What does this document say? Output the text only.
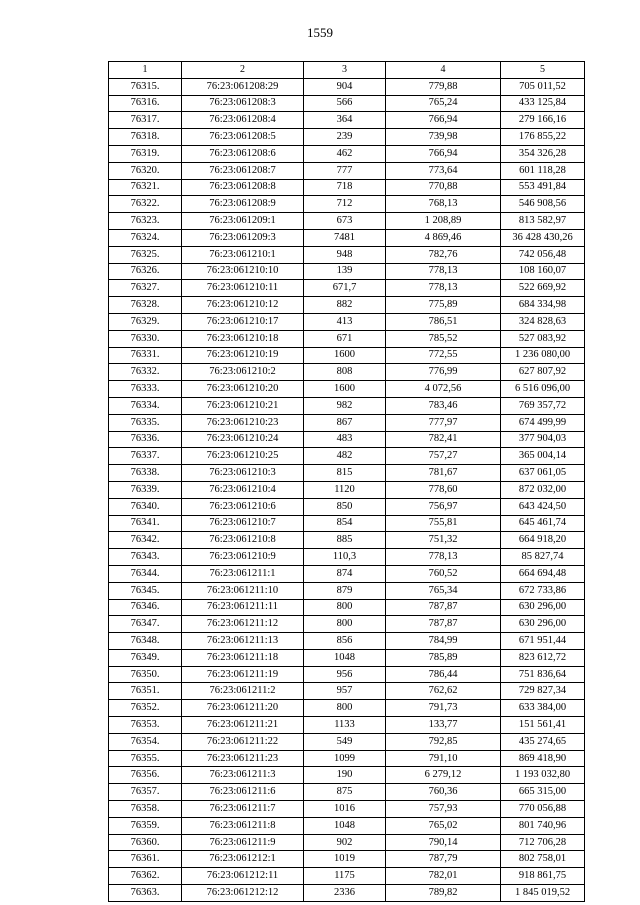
1559
1	2	3	4	5
76315.	76:23:061208:29	904	779,88	705 011,52
76316.	76:23:061208:3	566	765,24	433 125,84
76317.	76:23:061208:4	364	766,94	279 166,16
76318.	76:23:061208:5	239	739,98	176 855,22
76319.	76:23:061208:6	462	766,94	354 326,28
76320.	76:23:061208:7	777	773,64	601 118,28
76321.	76:23:061208:8	718	770,88	553 491,84
76322.	76:23:061208:9	712	768,13	546 908,56
76323.	76:23:061209:1	673	1 208,89	813 582,97
76324.	76:23:061209:3	7481	4 869,46	36 428 430,26
76325.	76:23:061210:1	948	782,76	742 056,48
76326.	76:23:061210:10	139	778,13	108 160,07
76327.	76:23:061210:11	671,7	778,13	522 669,92
76328.	76:23:061210:12	882	775,89	684 334,98
76329.	76:23:061210:17	413	786,51	324 828,63
76330.	76:23:061210:18	671	785,52	527 083,92
76331.	76:23:061210:19	1600	772,55	1 236 080,00
76332.	76:23:061210:2	808	776,99	627 807,92
76333.	76:23:061210:20	1600	4 072,56	6 516 096,00
76334.	76:23:061210:21	982	783,46	769 357,72
76335.	76:23:061210:23	867	777,97	674 499,99
76336.	76:23:061210:24	483	782,41	377 904,03
76337.	76:23:061210:25	482	757,27	365 004,14
76338.	76:23:061210:3	815	781,67	637 061,05
76339.	76:23:061210:4	1120	778,60	872 032,00
76340.	76:23:061210:6	850	756,97	643 424,50
76341.	76:23:061210:7	854	755,81	645 461,74
76342.	76:23:061210:8	885	751,32	664 918,20
76343.	76:23:061210:9	110,3	778,13	85 827,74
76344.	76:23:061211:1	874	760,52	664 694,48
76345.	76:23:061211:10	879	765,34	672 733,86
76346.	76:23:061211:11	800	787,87	630 296,00
76347.	76:23:061211:12	800	787,87	630 296,00
76348.	76:23:061211:13	856	784,99	671 951,44
76349.	76:23:061211:18	1048	785,89	823 612,72
76350.	76:23:061211:19	956	786,44	751 836,64
76351.	76:23:061211:2	957	762,62	729 827,34
76352.	76:23:061211:20	800	791,73	633 384,00
76353.	76:23:061211:21	1133	133,77	151 561,41
76354.	76:23:061211:22	549	792,85	435 274,65
76355.	76:23:061211:23	1099	791,10	869 418,90
76356.	76:23:061211:3	190	6 279,12	1 193 032,80
76357.	76:23:061211:6	875	760,36	665 315,00
76358.	76:23:061211:7	1016	757,93	770 056,88
76359.	76:23:061211:8	1048	765,02	801 740,96
76360.	76:23:061211:9	902	790,14	712 706,28
76361.	76:23:061212:1	1019	787,79	802 758,01
76362.	76:23:061212:11	1175	782,01	918 861,75
76363.	76:23:061212:12	2336	789,82	1 845 019,52
